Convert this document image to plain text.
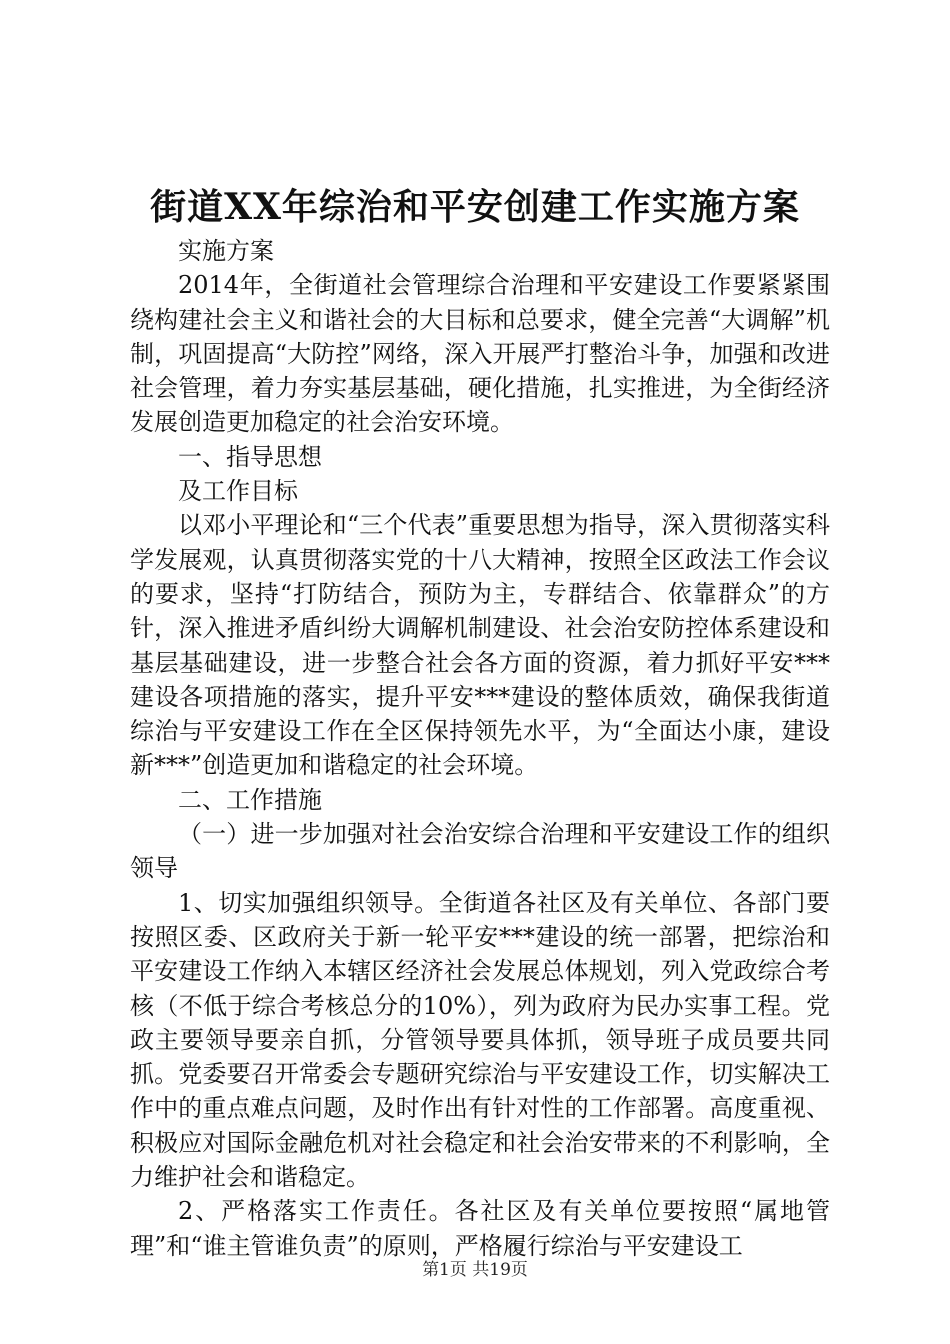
街道XX年综治和平安创建工作实施方案

实施方案

2014年，全街道社会管理综合治理和平安建设工作要紧紧围绕构建社会主义和谐社会的大目标和总要求，健全完善“大调解”机制，巩固提高“大防控”网络，深入开展严打整治斗争，加强和改进社会管理，着力夯实基层基础，硬化措施，扎实推进，为全街经济发展创造更加稳定的社会治安环境。

一、指导思想

及工作目标

以邓小平理论和“三个代表”重要思想为指导，深入贯彻落实科学发展观，认真贯彻落实党的十八大精神，按照全区政法工作会议的要求，坚持“打防结合，预防为主，专群结合、依靠群众”的方针，深入推进矛盾纠纷大调解机制建设、社会治安防控体系建设和基层基础建设，进一步整合社会各方面的资源，着力抓好平安***建设各项措施的落实，提升平安***建设的整体质效，确保我街道综治与平安建设工作在全区保持领先水平，为“全面达小康，建设新***”创造更加和谐稳定的社会环境。

二、工作措施

（一）进一步加强对社会治安综合治理和平安建设工作的组织领导

1、切实加强组织领导。全街道各社区及有关单位、各部门要按照区委、区政府关于新一轮平安***建设的统一部署，把综治和平安建设工作纳入本辖区经济社会发展总体规划，列入党政综合考核（不低于综合考核总分的10%），列为政府为民办实事工程。党政主要领导要亲自抓，分管领导要具体抓，领导班子成员要共同抓。党委要召开常委会专题研究综治与平安建设工作，切实解决工作中的重点难点问题，及时作出有针对性的工作部署。高度重视、积极应对国际金融危机对社会稳定和社会治安带来的不利影响，全力维护社会和谐稳定。

2、严格落实工作责任。各社区及有关单位要按照“属地管理”和“谁主管谁负责”的原则，严格履行综治与平安建设工

第1页 共19页
